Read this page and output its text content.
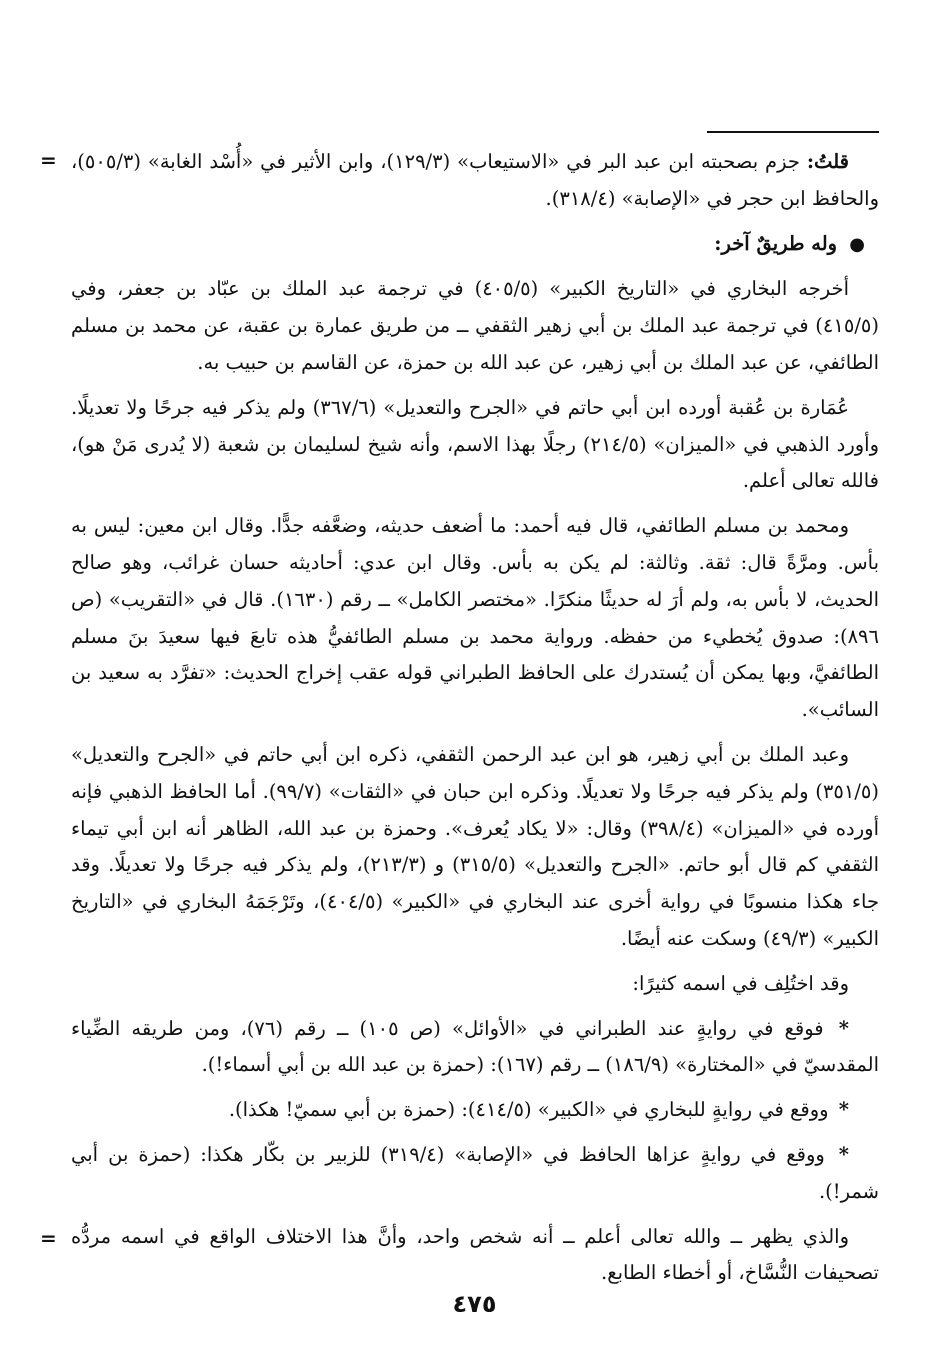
=	قلتُ: جزم بصحبته ابن عبد البر في «الاستيعاب» (١٢٩/٣)، وابن الأثير في «أُسْد الغابة» (٥٠٥/٣)، والحافظ ابن حجر في «الإصابة» (٣١٨/٤).

● وله طريقٌ آخر:

أخرجه البخاري في «التاريخ الكبير» (٤٠٥/٥) في ترجمة عبد الملك بن عبّاد بن جعفر، وفي (٤١٥/٥) في ترجمة عبد الملك بن أبي زهير الثقفي ــ من طريق عمارة بن عقبة، عن محمد بن مسلم الطائفي، عن عبد الملك بن أبي زهير، عن عبد الله بن حمزة، عن القاسم بن حبيب به.

عُمَارة بن عُقبة أورده ابن أبي حاتم في «الجرح والتعديل» (٣٦٧/٦) ولم يذكر فيه جرحًا ولا تعديلًا. وأورد الذهبي في «الميزان» (٢١٤/٥) رجلًا بهذا الاسم، وأنه شيخ لسليمان بن شعبة (لا يُدرى مَنْ هو)، فالله تعالى أعلم.

ومحمد بن مسلم الطائفي، قال فيه أحمد: ما أضعف حديثه، وضعَّفه جدًّا. وقال ابن معين: ليس به بأس. ومرَّةً قال: ثقة. وثالثة: لم يكن به بأس. وقال ابن عدي: أحاديثه حسان غرائب، وهو صالح الحديث، لا بأس به، ولم أرَ له حديثًا منكرًا. «مختصر الكامل» ــ رقم (١٦٣٠). قال في «التقريب» (ص ٨٩٦): صدوق يُخطيء من حفظه. ورواية محمد بن مسلم الطائفيُّ هذه تابعَ فيها سعيدَ بنَ مسلم الطائفيَّ، وبها يمكن أن يُستدرك على الحافظ الطبراني قوله عقب إخراج الحديث: «تفرَّد به سعيد بن السائب».

وعبد الملك بن أبي زهير، هو ابن عبد الرحمن الثقفي، ذكره ابن أبي حاتم في «الجرح والتعديل» (٣٥١/٥) ولم يذكر فيه جرحًا ولا تعديلًا. وذكره ابن حبان في «الثقات» (٩٩/٧). أما الحافظ الذهبي فإنه أورده في «الميزان» (٣٩٨/٤) وقال: «لا يكاد يُعرف». وحمزة بن عبد الله، الظاهر أنه ابن أبي تيماء الثقفي كم قال أبو حاتم. «الجرح والتعديل» (٣١٥/٥) و (٢١٣/٣)، ولم يذكر فيه جرحًا ولا تعديلًا. وقد جاء هكذا منسوبًا في رواية أخرى عند البخاري في «الكبير» (٤٠٤/٥)، وتَرْجَمَهُ البخاري في «التاريخ الكبير» (٤٩/٣) وسكت عنه أيضًا.

وقد اختُلِف في اسمه كثيرًا:

* فوقع في روايةٍ عند الطبراني في «الأوائل» (ص ١٠٥) ــ رقم (٧٦)، ومن طريقه الضِّياء المقدسيّ في «المختارة» (١٨٦/٩) ــ رقم (١٦٧): (حمزة بن عبد الله بن أبي أسماء!).

* ووقع في روايةٍ للبخاري في «الكبير» (٤١٤/٥): (حمزة بن أبي سميّ! هكذا).

* ووقع في روايةٍ عزاها الحافظ في «الإصابة» (٣١٩/٤) للزبير بن بكّار هكذا: (حمزة بن أبي شمر!).

والذي يظهر ــ والله تعالى أعلم ــ أنه شخص واحد، وأنَّ هذا الاختلاف الواقع في اسمه مردُّه تصحيفات النُّسَّاخ، أو أخطاء الطابع.

=
٤٧٥
